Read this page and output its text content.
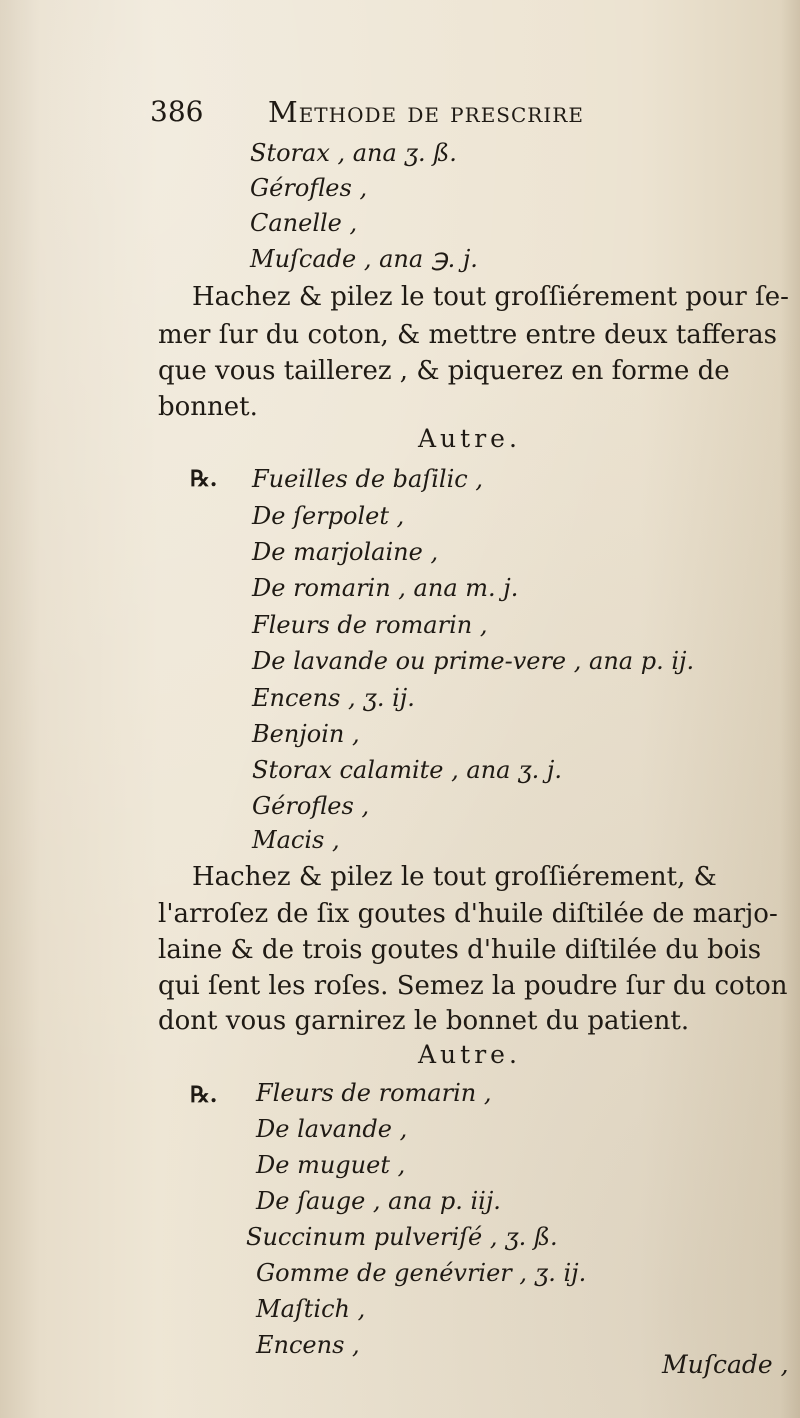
386 Methode de prescrire
Storax , ana ʒ. ß.
Gérofles ,
Canelle ,
Muſcade , ana ℈. j.
Hachez & pilez le tout groſſiérement pour ſe-
mer ſur du coton, & mettre entre deux tafferas
que vous taillerez , & piquerez en forme de
bonnet.
Autre.
℞. Fueilles de baſilic ,
De ſerpolet ,
De marjolaine ,
De romarin , ana m. j.
Fleurs de romarin ,
De lavande ou prime-vere , ana p. ij.
Encens , ʒ. ij.
Benjoin ,
Storax calamite , ana ʒ. j.
Gérofles ,
Macis ,
Hachez & pilez le tout groſſiérement, &
l'arroſez de ſix goutes d'huile diſtilée de marjo-
laine & de trois goutes d'huile diſtilée du bois
qui ſent les roſes. Semez la poudre ſur du coton
dont vous garnirez le bonnet du patient.
Autre.
℞. Fleurs de romarin ,
De lavande ,
De muguet ,
De ſauge , ana p. iij.
Succinum pulveriſé , ʒ. ß.
Gomme de genévrier , ʒ. ij.
Maſtich ,
Encens ,
Muſcade ,
